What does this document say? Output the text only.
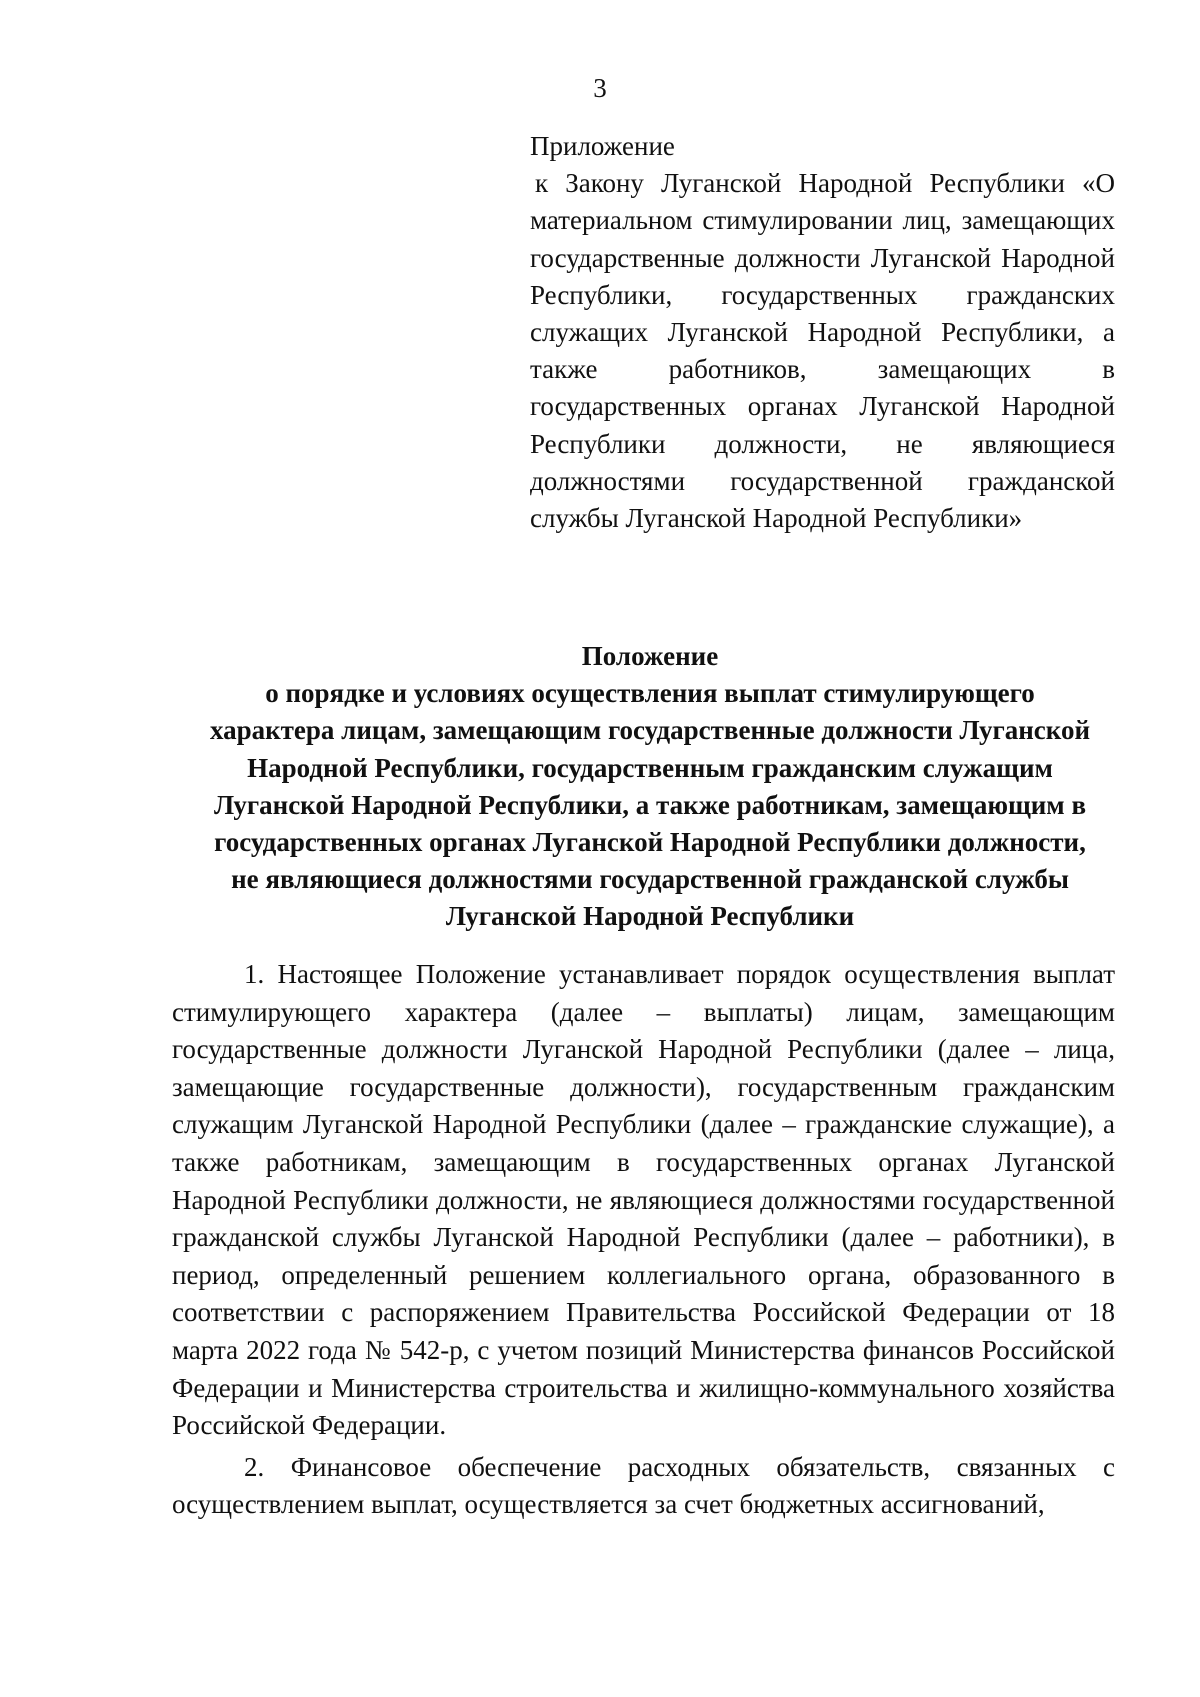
3
Приложение
к Закону Луганской Народной Республики «О материальном стимулировании лиц, замещающих государственные должности Луганской Народной Республики, государственных гражданских служащих Луганской Народной Республики, а также работников, замещающих в государственных органах Луганской Народной Республики должности, не являющиеся должностями государственной гражданской службы Луганской Народной Республики»
Положение
о порядке и условиях осуществления выплат стимулирующего
характера лицам, замещающим государственные должности Луганской
Народной Республики, государственным гражданским служащим
Луганской Народной Республики, а также работникам, замещающим в
государственных органах Луганской Народной Республики должности,
не являющиеся должностями государственной гражданской службы
Луганской Народной Республики

1. Настоящее Положение устанавливает порядок осуществления выплат стимулирующего характера (далее – выплаты) лицам, замещающим государственные должности Луганской Народной Республики (далее – лица, замещающие государственные должности), государственным гражданским служащим Луганской Народной Республики (далее – гражданские служащие), а также работникам, замещающим в государственных органах Луганской Народной Республики должности, не являющиеся должностями государственной гражданской службы Луганской Народной Республики (далее – работники), в период, определенный решением коллегиального органа, образованного в соответствии с распоряжением Правительства Российской Федерации от 18 марта 2022 года № 542-р, с учетом позиций Министерства финансов Российской Федерации и Министерства строительства и жилищно-коммунального хозяйства Российской Федерации.

2. Финансовое обеспечение расходных обязательств, связанных с осуществлением выплат, осуществляется за счет бюджетных ассигнований,
